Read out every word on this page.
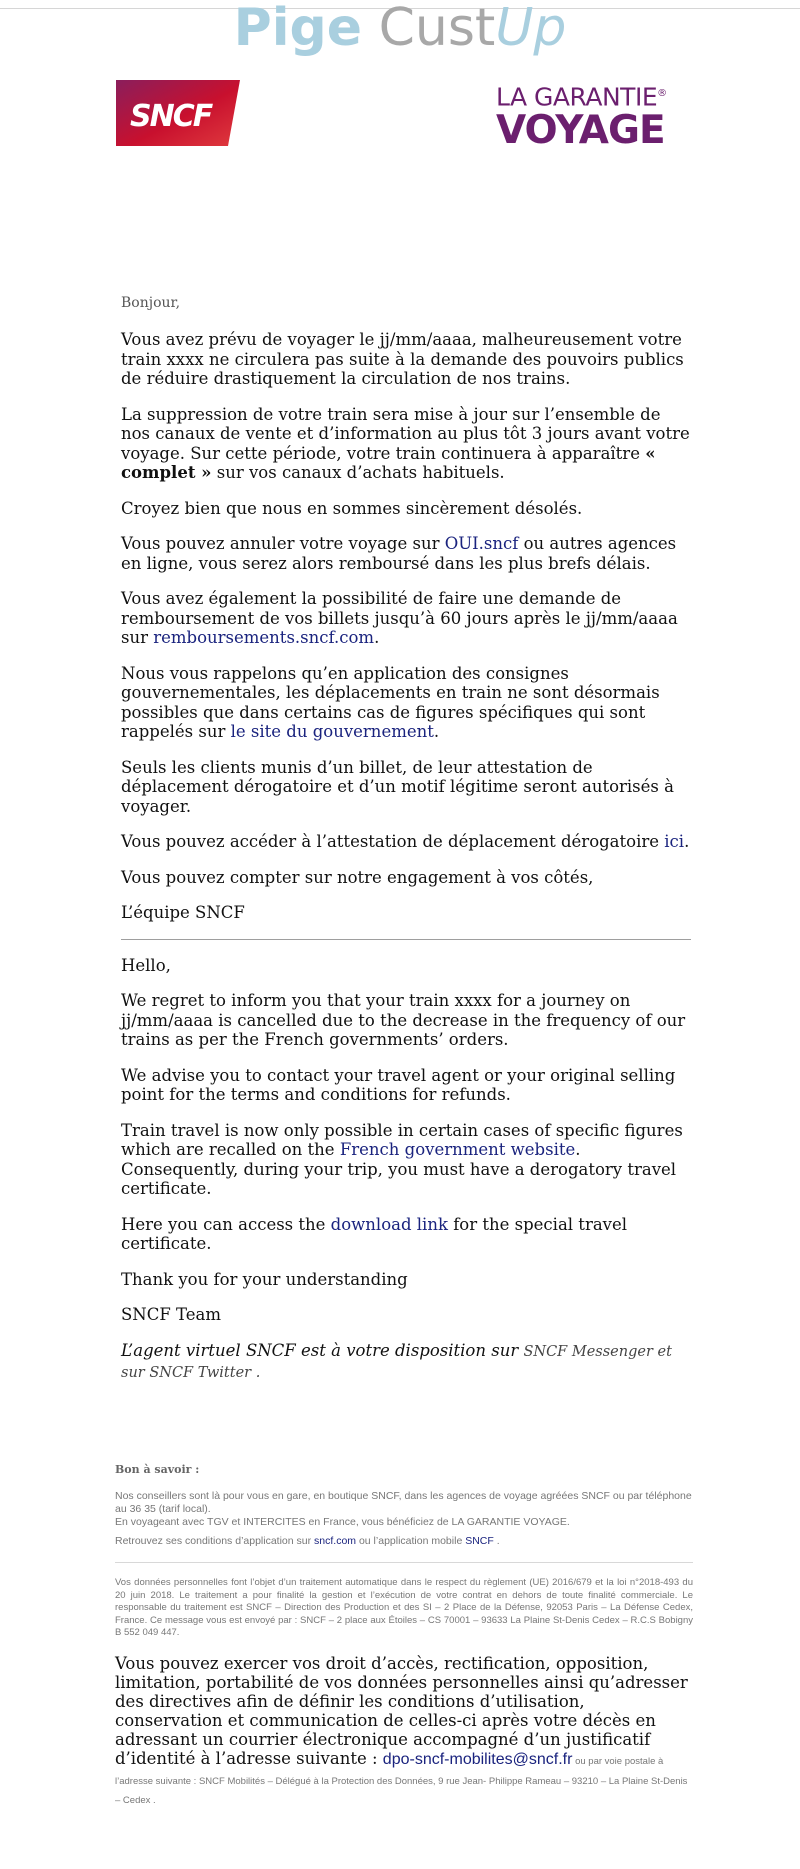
Pige CustUp
SNCF
LA GARANTIE®
VOYAGE
Bonjour,

Vous avez prévu de voyager le jj/mm/aaaa, malheureusement votre train xxxx ne circulera pas suite à la demande des pouvoirs publics de réduire drastiquement la circulation de nos trains.

La suppression de votre train sera mise à jour sur l’ensemble de nos canaux de vente et d’information au plus tôt 3 jours avant votre voyage. Sur cette période, votre train continuera à apparaître « complet » sur vos canaux d’achats habituels.

Croyez bien que nous en sommes sincèrement désolés.

Vous pouvez annuler votre voyage sur OUI.sncf ou autres agences en ligne, vous serez alors remboursé dans les plus brefs délais.

Vous avez également la possibilité de faire une demande de remboursement de vos billets jusqu’à 60 jours après le jj/mm/aaaa sur remboursements.sncf.com.

Nous vous rappelons qu’en application des consignes gouvernementales, les déplacements en train ne sont désormais possibles que dans certains cas de figures spécifiques qui sont rappelés sur le site du gouvernement.

Seuls les clients munis d’un billet, de leur attestation de déplacement dérogatoire et d’un motif légitime seront autorisés à voyager.

Vous pouvez accéder à l’attestation de déplacement dérogatoire ici.

Vous pouvez compter sur notre engagement à vos côtés,

L’équipe SNCF

Hello,

We regret to inform you that your train xxxx for a journey on jj/mm/aaaa is cancelled due to the decrease in the frequency of our trains as per the French governments’ orders.

We advise you to contact your travel agent or your original selling point for the terms and conditions for refunds.

Train travel is now only possible in certain cases of specific figures which are recalled on the French government website. Consequently, during your trip, you must have a derogatory travel certificate.

Here you can access the download link for the special travel certificate.

Thank you for your understanding

SNCF Team

L’agent virtuel SNCF est à votre disposition sur SNCF Messenger et sur SNCF Twitter .

Bon à savoir :

Nos conseillers sont là pour vous en gare, en boutique SNCF, dans les agences de voyage agréées SNCF ou par téléphone au 36 35 (tarif local).

En voyageant avec TGV et INTERCITES en France, vous bénéficiez de LA GARANTIE VOYAGE.

Retrouvez ses conditions d’application sur sncf.com ou l’application mobile SNCF .

Vos données personnelles font l’objet d’un traitement automatique dans le respect du règlement (UE) 2016/679 et la loi n°2018-493 du 20 juin 2018. Le traitement a pour finalité la gestion et l’exécution de votre contrat en dehors de toute finalité commerciale. Le responsable du traitement est SNCF – Direction des Production et des SI – 2 Place de la Défense, 92053 Paris – La Défense Cedex, France. Ce message vous est envoyé par : SNCF – 2 place aux Étoiles – CS 70001 – 93633 La Plaine St-Denis Cedex – R.C.S Bobigny B 552 049 447.

Vous pouvez exercer vos droit d’accès, rectification, opposition, limitation, portabilité de vos données personnelles ainsi qu’adresser des directives afin de définir les conditions d’utilisation, conservation et communication de celles-ci après votre décès en adressant un courrier électronique accompagné d’un justificatif d’identité à l’adresse suivante : dpo-sncf-mobilites@sncf.fr ou par voie postale à l’adresse suivante : SNCF Mobilités – Délégué à la Protection des Données, 9 rue Jean- Philippe Rameau – 93210 – La Plaine St-Denis – Cedex .
